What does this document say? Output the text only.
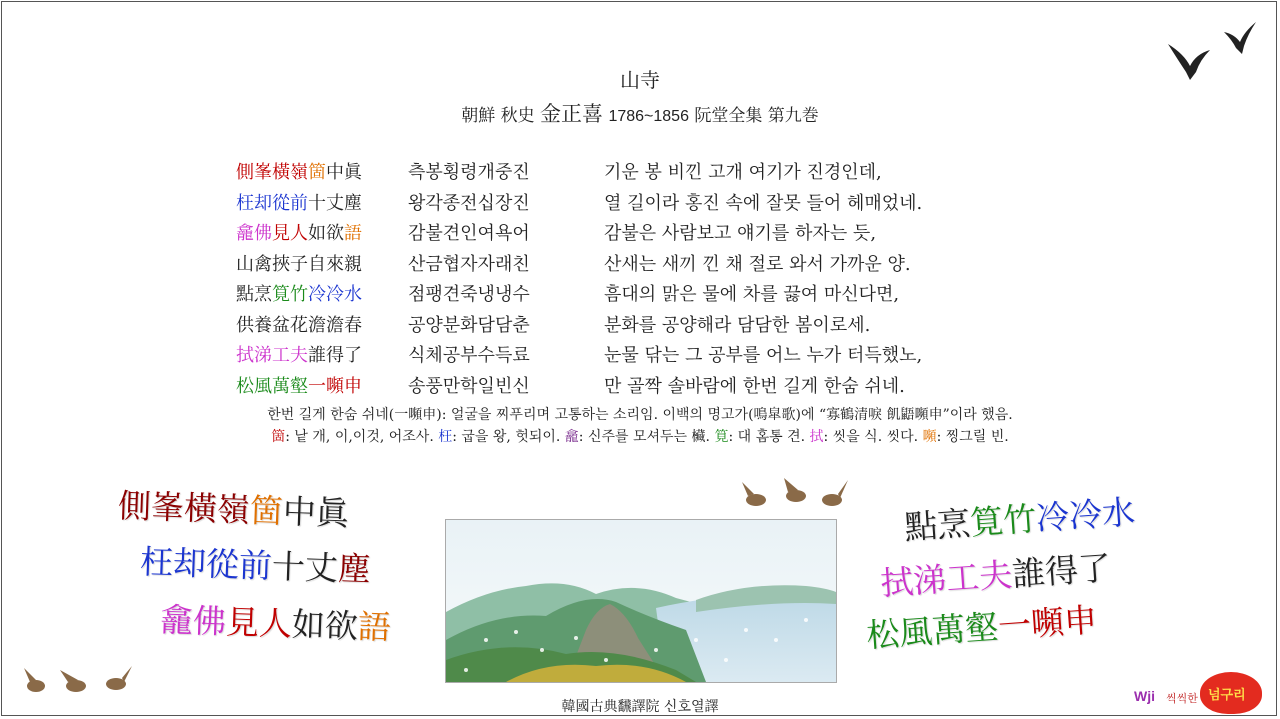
山寺
朝鮮 秋史 金正喜 1786~1856 阮堂全集 第九巻
側峯橫嶺箇中眞	측봉횡령개중진	기운 봉 비낀 고개 여기가 진경인데,
枉却從前十丈塵	왕각종전십장진	열 길이라 홍진 속에 잘못 들어 헤매었네.
龕佛見人如欲語	감불견인여욕어	감불은 사람보고 얘기를 하자는 듯,
山禽挾子自來親	산금협자자래친	산새는 새끼 낀 채 절로 와서 가까운 양.
點烹筧竹冷冷水	점팽견죽냉냉수	흠대의 맑은 물에 차를 끓여 마신다면,
供養盆花澹澹春	공양분화담담춘	분화를 공양해라 담담한 봄이로세.
拭涕工夫誰得了	식체공부수득료	눈물 닦는 그 공부를 어느 누가 터득했노,
松風萬壑一嚬申	송풍만학일빈신	만 골짝 솔바람에 한번 길게 한숨 쉬네.
한번 길게 한숨 쉬네(一嚬申): 얼굴을 찌푸리며 고통하는 소리임. 이백의 명고가(鳴皐歌)에 “寡鶴清唳 飢鼯嚬申”이라 했음.
箇: 낱 개, 이,이것, 어조사. 枉: 굽을 왕, 헛되이. 龕: 신주를 모셔두는 欌. 筧: 대 홈통 견. 拭: 씻을 식. 씻다. 嚬: 찡그릴 빈.
側峯橫嶺箇中眞
枉却從前十丈塵
龕佛見人如欲語
點烹筧竹冷冷水
拭涕工夫誰得了
松風萬壑一嚬申
韓國古典飜譯院 신호열譯
Wji 씩씩한 넘구리
